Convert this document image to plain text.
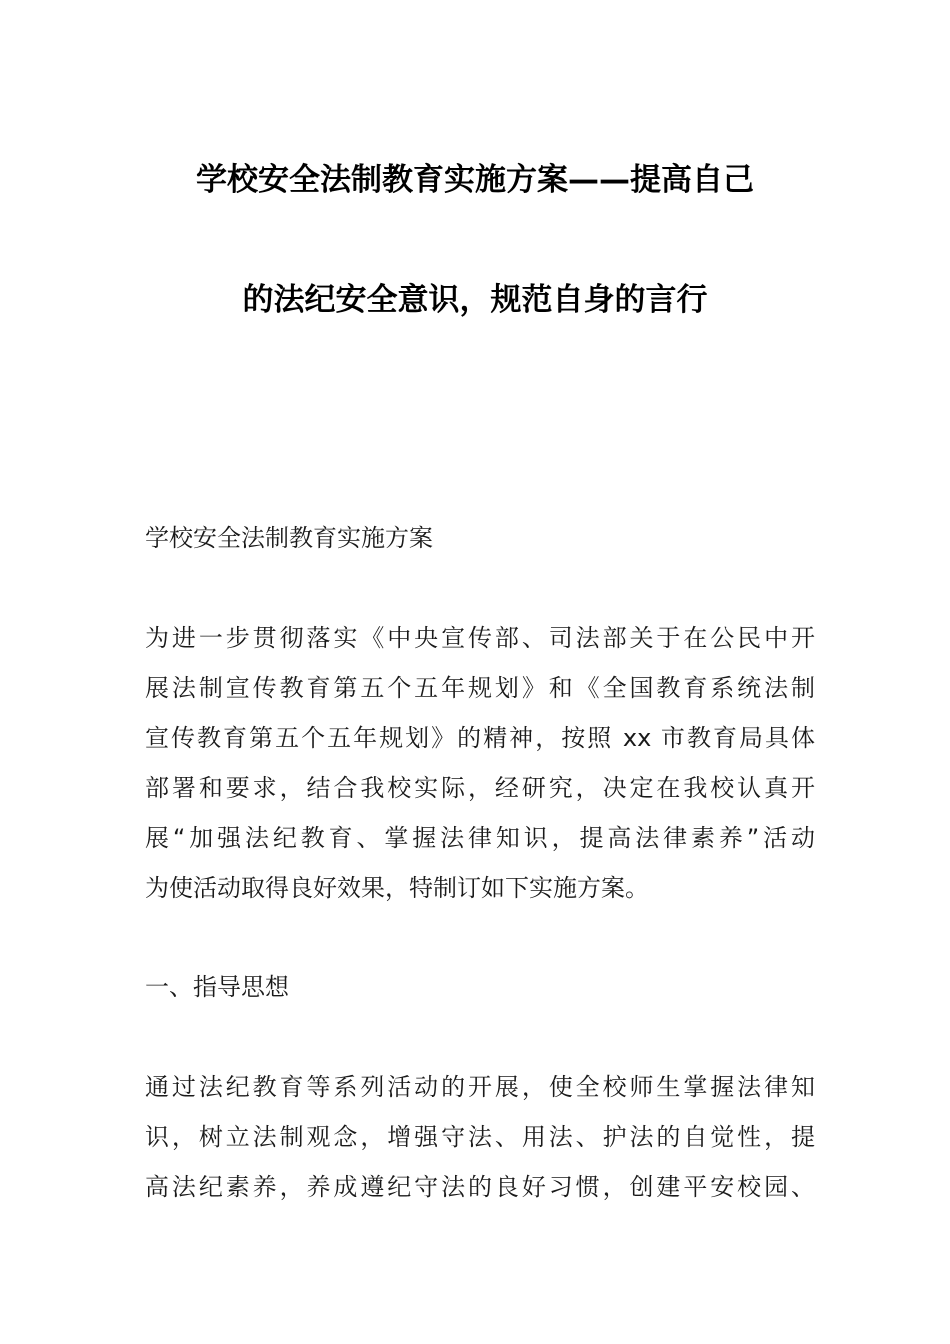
学校安全法制教育实施方案——提高自己
的法纪安全意识，规范自身的言行
学校安全法制教育实施方案
为进一步贯彻落实《中央宣传部、司法部关于在公民中开
展法制宣传教育第五个五年规划》和《全国教育系统法制
宣传教育第五个五年规划》的精神，按照 xx 市教育局具体
部署和要求，结合我校实际，经研究，决定在我校认真开
展“加强法纪教育、掌握法律知识，提高法律素养”活动
为使活动取得良好效果，特制订如下实施方案。
一、指导思想
通过法纪教育等系列活动的开展，使全校师生掌握法律知
识，树立法制观念，增强守法、用法、护法的自觉性，提
高法纪素养，养成遵纪守法的良好习惯，创建平安校园、
